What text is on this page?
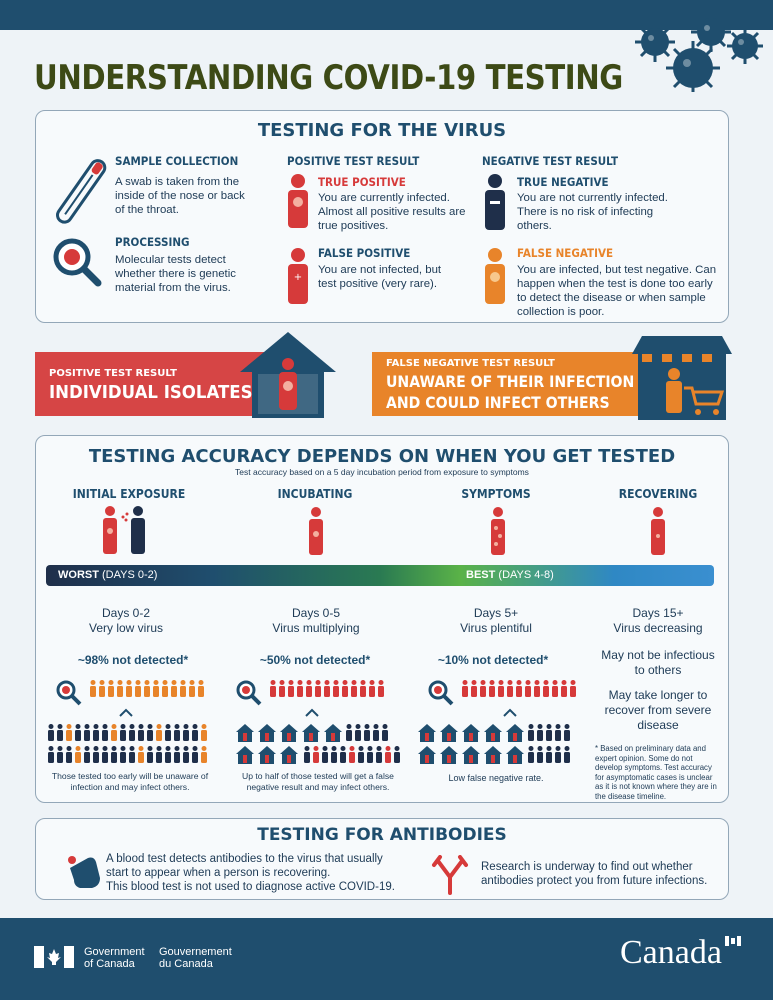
UNDERSTANDING COVID-19 TESTING
TESTING FOR THE VIRUS
SAMPLE COLLECTION
A swab is taken from the inside of the nose or back of the throat.
PROCESSING
Molecular tests detect whether there is genetic material from the virus.
POSITIVE TEST RESULT
TRUE POSITIVE
You are currently infected. Almost all positive results are true positives.
+
FALSE POSITIVE
You are not infected, but test positive (very rare).
NEGATIVE TEST RESULT
TRUE NEGATIVE
You are not currently infected. There is no risk of infecting others.
FALSE NEGATIVE
You are infected, but test negative. Can happen when the test is done too early to detect the disease or when sample collection is poor.
POSITIVE TEST RESULT
INDIVIDUAL ISOLATES
FALSE NEGATIVE TEST RESULT
UNAWARE OF THEIR INFECTION
AND COULD INFECT OTHERS
TESTING ACCURACY DEPENDS ON WHEN YOU GET TESTED
Test accuracy based on a 5 day incubation period from exposure to symptoms
INITIAL EXPOSURE	INCUBATING	SYMPTOMS	RECOVERING
WORST (DAYS 0-2)	BEST (DAYS 4-8)
Days 0-2
Very low virus
Days 0-5
Virus multiplying
Days 5+
Virus plentiful
Days 15+
Virus decreasing
~98% not detected*	~50% not detected*	~10% not detected*
Those tested too early will be unaware of infection and may infect others.
Up to half of those tested will get a false negative result and may infect others.
Low false negative rate.
May not be infectious to others
May take longer to recover from severe disease
* Based on preliminary data and expert opinion. Some do not develop symptoms. Test accuracy for asymptomatic cases is unclear as it is not known where they are in the disease timeline.
TESTING FOR ANTIBODIES
A blood test detects antibodies to the virus that usually start to appear when a person is recovering.
This blood test is not used to diagnose active COVID-19.
Research is underway to find out whether antibodies protect you from future infections.
Government
of Canada
Gouvernement
du Canada	Canada
